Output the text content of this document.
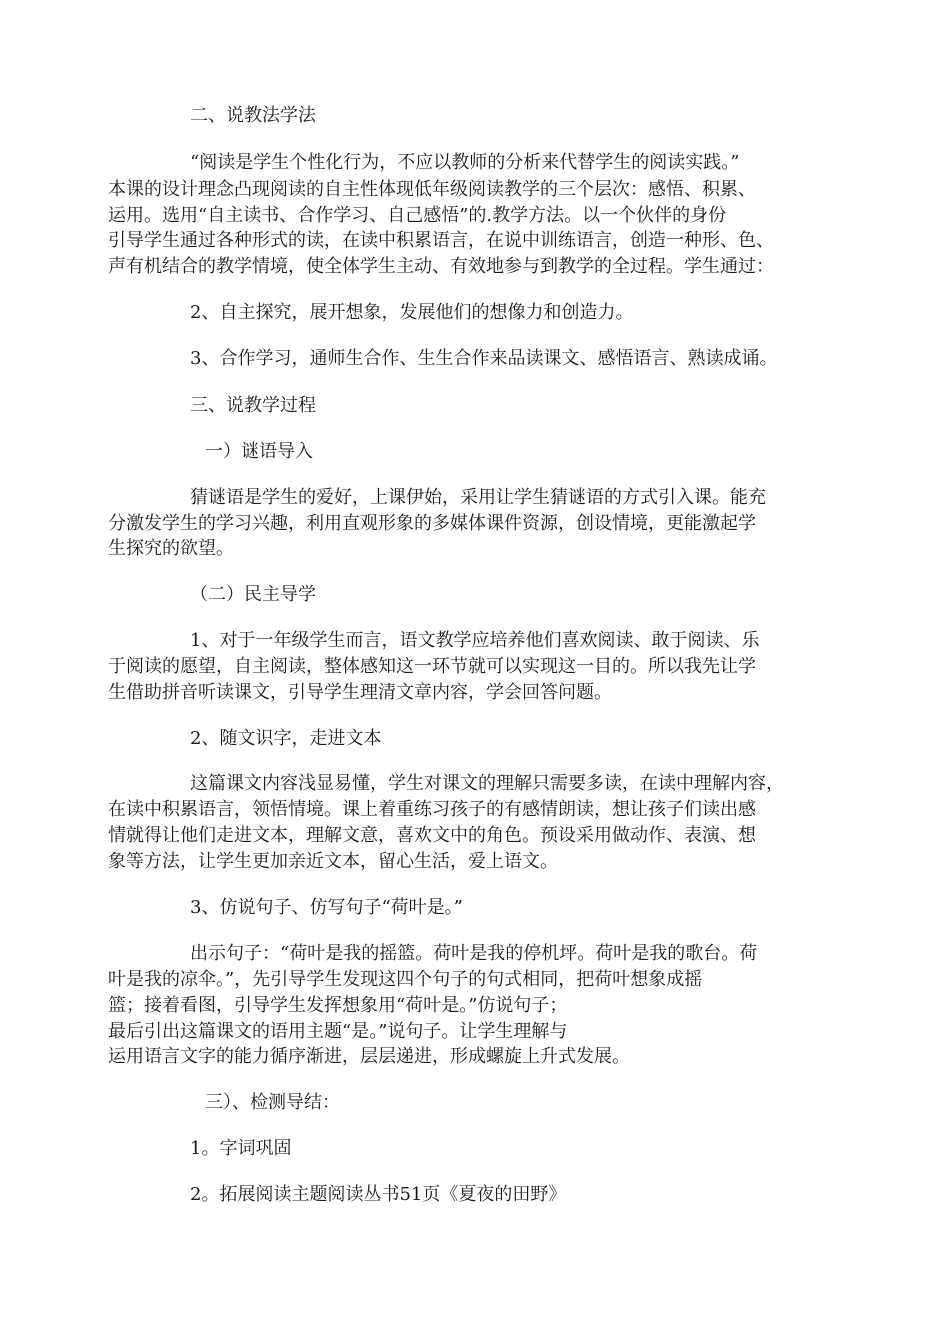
二、说教法学法
“阅读是学生个性化行为，不应以教师的分析来代替学生的阅读实践。”
本课的设计理念凸现阅读的自主性体现低年级阅读教学的三个层次：感悟、积累、
运用。选用“自主读书、合作学习、自己感悟”的.教学方法。以一个伙伴的身份
引导学生通过各种形式的读，在读中积累语言，在说中训练语言，创造一种形、色、
声有机结合的教学情境，使全体学生主动、有效地参与到教学的全过程。学生通过：
2、自主探究，展开想象，发展他们的想像力和创造力。
3、合作学习，通师生合作、生生合作来品读课文、感悟语言、熟读成诵。
三、说教学过程
一）谜语导入
猜谜语是学生的爱好，上课伊始，采用让学生猜谜语的方式引入课。能充
分激发学生的学习兴趣，利用直观形象的多媒体课件资源，创设情境，更能激起学
生探究的欲望。
（二）民主导学
1、对于一年级学生而言，语文教学应培养他们喜欢阅读、敢于阅读、乐
于阅读的愿望，自主阅读，整体感知这一环节就可以实现这一目的。所以我先让学
生借助拼音听读课文，引导学生理清文章内容，学会回答问题。
2、随文识字，走进文本
这篇课文内容浅显易懂，学生对课文的理解只需要多读，在读中理解内容，
在读中积累语言，领悟情境。课上着重练习孩子的有感情朗读，想让孩子们读出感
情就得让他们走进文本，理解文意，喜欢文中的角色。预设采用做动作、表演、想
象等方法，让学生更加亲近文本，留心生活，爱上语文。
3、仿说句子、仿写句子“荷叶是。”
出示句子：“荷叶是我的摇篮。荷叶是我的停机坪。荷叶是我的歌台。荷
叶是我的凉伞。”，先引导学生发现这四个句子的句式相同，把荷叶想象成摇
篮；接着看图，引导学生发挥想象用“荷叶是。”仿说句子；
最后引出这篇课文的语用主题“是。”说句子。让学生理解与
运用语言文字的能力循序渐进，层层递进，形成螺旋上升式发展。
三）、检测导结：
1。字词巩固
2。拓展阅读主题阅读丛书51页《夏夜的田野》
